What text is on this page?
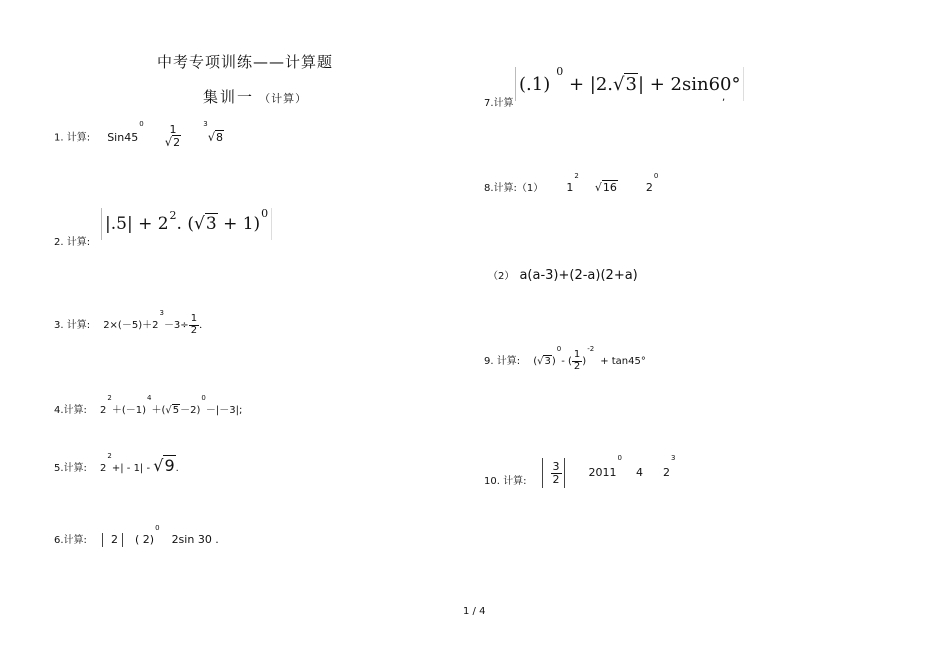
中考专项训练——计算题
集训一 （计算）
1. 计算: $Sin45^0$	1
√2
$^3$√8
2. 计算:
$|.5| + 2^2$. $(√3 + 1)^0$
3. 计算: $2\times(-5)+2^3-3\div \frac{1}{2}$ ．
4.计算: $2^2+(-1)^4+(√5-2)^0-|-3|$;
5.计算: $2^2+| - 1| - √9$.
6.计算: 2 ( 2)$^0$2sin 30 .
7.计算
$(.1)^0 + |2.√3| + 2\sin 60^\circ$
,
8.计算:（1） $1^2√16$	$2^0$
（2） a(a-3)+(2-a)(2+a)
9. 计算: $(√3)^0-$ ( $\frac{1}{2} )^{-2}+ \tan 45^\circ$
$_{10. 计算:} \frac{3}{2} 2011^04$ $2^3$
1 / 4
